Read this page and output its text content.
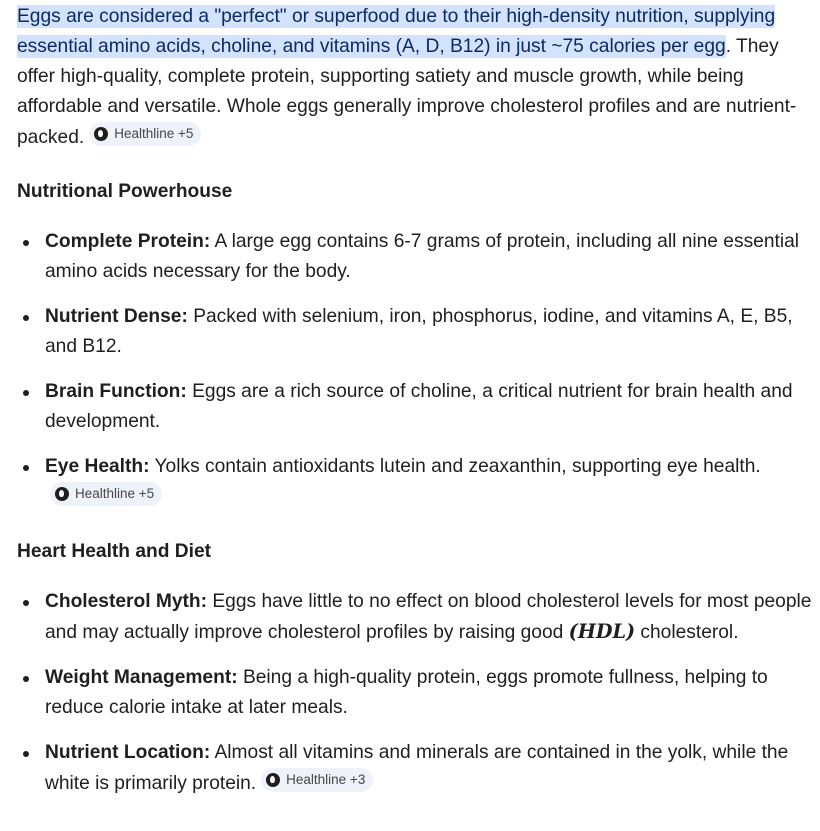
Eggs are considered a "perfect" or superfood due to their high-density nutrition, supplying essential amino acids, choline, and vitamins (A, D, B12) in just ~75 calories per egg. They offer high-quality, complete protein, supporting satiety and muscle growth, while being affordable and versatile. Whole eggs generally improve cholesterol profiles and are nutrient-packed. Healthline +5

Nutritional Powerhouse
Complete Protein: A large egg contains 6-7 grams of protein, including all nine essential amino acids necessary for the body.
Nutrient Dense: Packed with selenium, iron, phosphorus, iodine, and vitamins A, E, B5, and B12.
Brain Function: Eggs are a rich source of choline, a critical nutrient for brain health and development.
Eye Health: Yolks contain antioxidants lutein and zeaxanthin, supporting eye health.
Healthline +5
Heart Health and Diet
Cholesterol Myth: Eggs have little to no effect on blood cholesterol levels for most people and may actually improve cholesterol profiles by raising good (HDL) cholesterol.
Weight Management: Being a high-quality protein, eggs promote fullness, helping to reduce calorie intake at later meals.
Nutrient Location: Almost all vitamins and minerals are contained in the yolk, while the white is primarily protein. Healthline +3
